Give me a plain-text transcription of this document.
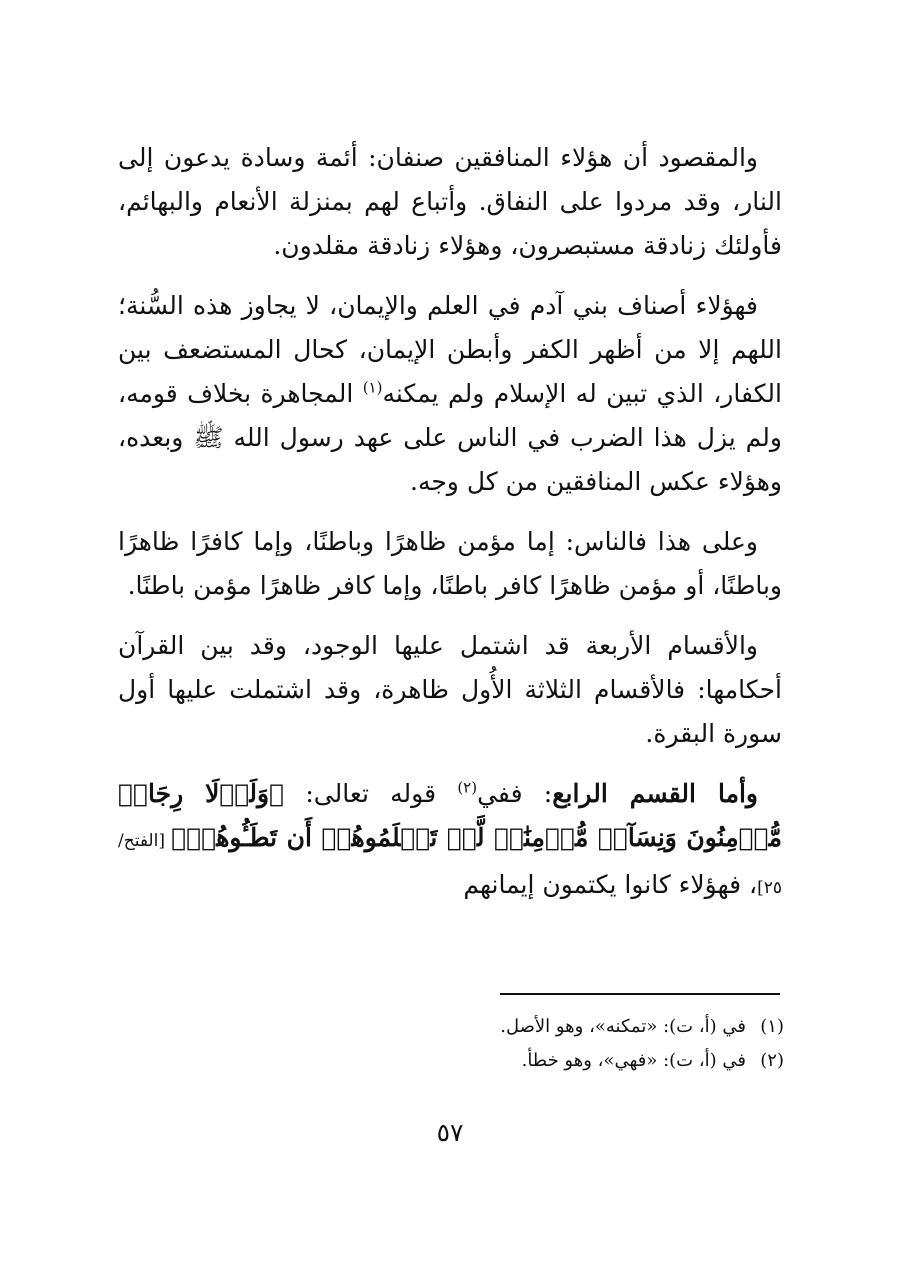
والمقصود أن هؤلاء المنافقين صنفان: أئمة وسادة يدعون إلى النار، وقد مردوا على النفاق. وأتباع لهم بمنزلة الأنعام والبهائم، فأولئك زنادقة مستبصرون، وهؤلاء زنادقة مقلدون.

فهؤلاء أصناف بني آدم في العلم والإيمان، لا يجاوز هذه السُّنة؛ اللهم إلا من أظهر الكفر وأبطن الإيمان، كحال المستضعف بين الكفار، الذي تبين له الإسلام ولم يمكنه$^{(١)}$ المجاهرة بخلاف قومه، ولم يزل هذا الضرب في الناس على عهد رسول الله ﷺ وبعده، وهؤلاء عكس المنافقين من كل وجه.

وعلى هذا فالناس: إما مؤمن ظاهرًا وباطنًا، وإما كافرًا ظاهرًا وباطنًا، أو مؤمن ظاهرًا كافر باطنًا، وإما كافر ظاهرًا مؤمن باطنًا.

والأقسام الأربعة قد اشتمل عليها الوجود، وقد بين القرآن أحكامها: فالأقسام الثلاثة الأُول ظاهرة، وقد اشتملت عليها أول سورة البقرة.

وأما القسم الرابع: ففي$^{(٢)}$ قوله تعالى: ﴿وَلَوۡلَا رِجَالٞ مُّؤۡمِنُونَ وَنِسَآءٞ مُّؤۡمِنَٰتٞ لَّمۡ تَعۡلَمُوهُمۡ أَن تَطَـُٔوهُمۡ﴾ [الفتح/ ٢٥]، فهؤلاء كانوا يكتمون إيمانهم

(١)في (أ، ت): «تمكنه»، وهو الأصل.

(٢)في (أ، ت): «فهي»، وهو خطأ.

٥٧
